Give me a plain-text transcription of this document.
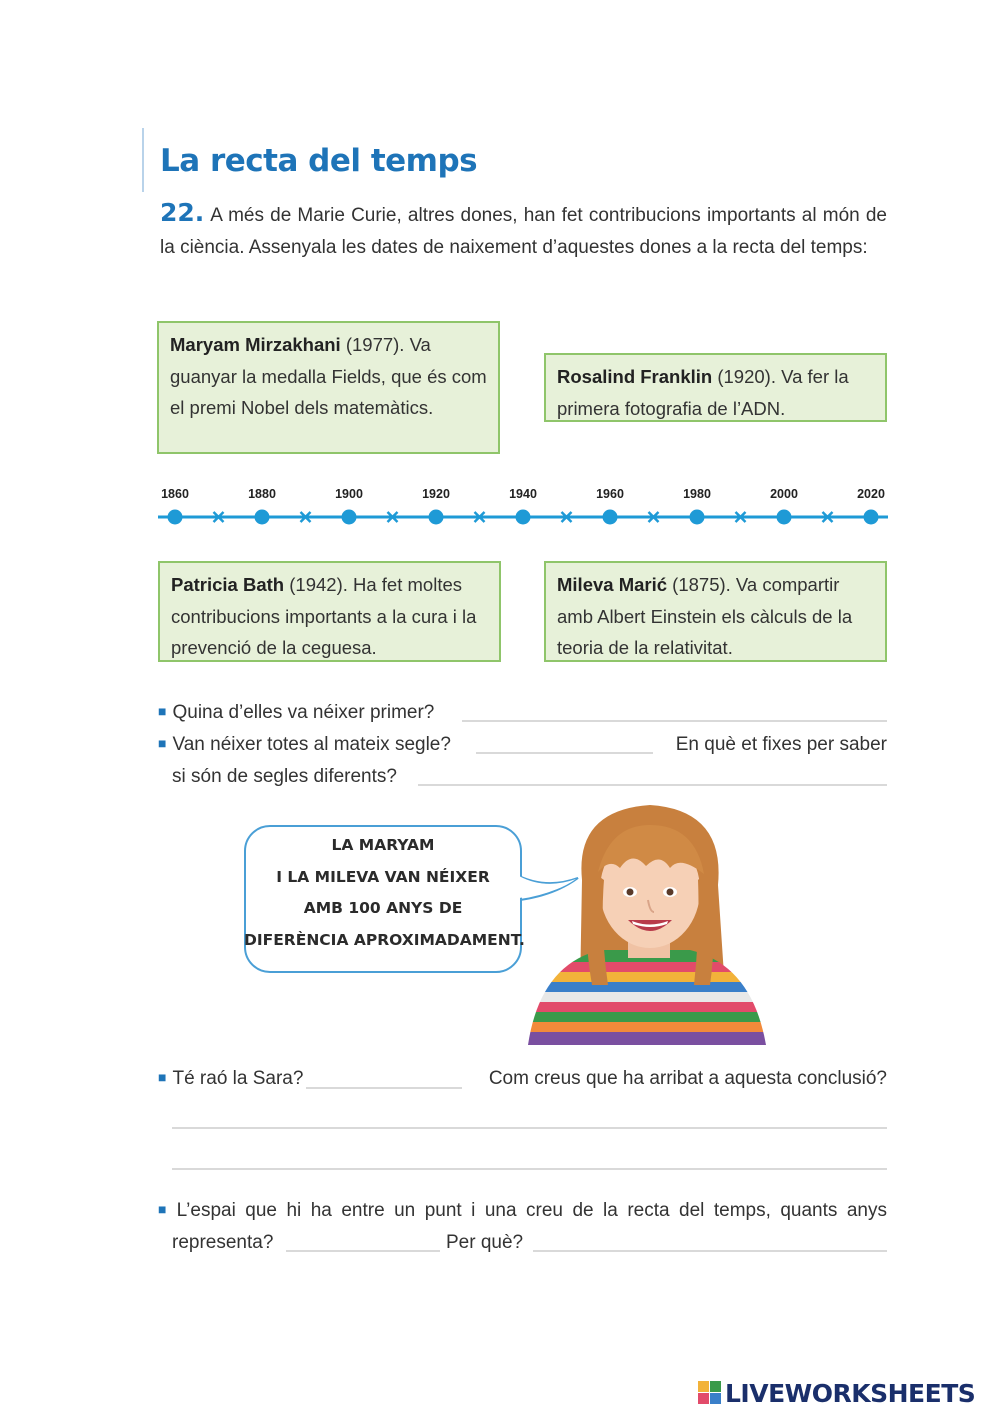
La recta del temps
22. A més de Marie Curie, altres dones, han fet contribucions importants al món de la ciència. Assenyala les dates de naixement d’aquestes dones a la recta del temps:
Maryam Mirzakhani (1977). Va guanyar la medalla Fields, que és com el premi Nobel dels matemàtics.
Rosalind Franklin (1920). Va fer la primera fotografia de l’ADN.
Patricia Bath (1942). Ha fet moltes contribucions importants a la cura i la prevenció de la ceguesa.
Mileva Marić (1875). Va compartir amb Albert Einstein els càlculs de la teoria de la relativitat.
1860	1880	1900	1920	1940	1960	1980	2000	2020
■ Quina d’elles va néixer primer?
■ Van néixer totes al mateix segle?	En què et fixes per saber
si són de segles diferents?
LA MARYAM
I LA MILEVA VAN NÉIXER
AMB 100 ANYS DE
DIFERÈNCIA APROXIMADAMENT.
■ Té raó la Sara?	Com creus que ha arribat a aquesta conclusió?
■ L’espai que hi ha entre un punt i una creu de la recta del temps, quants anys
representa?	Per què?
LIVEWORKSHEETS
